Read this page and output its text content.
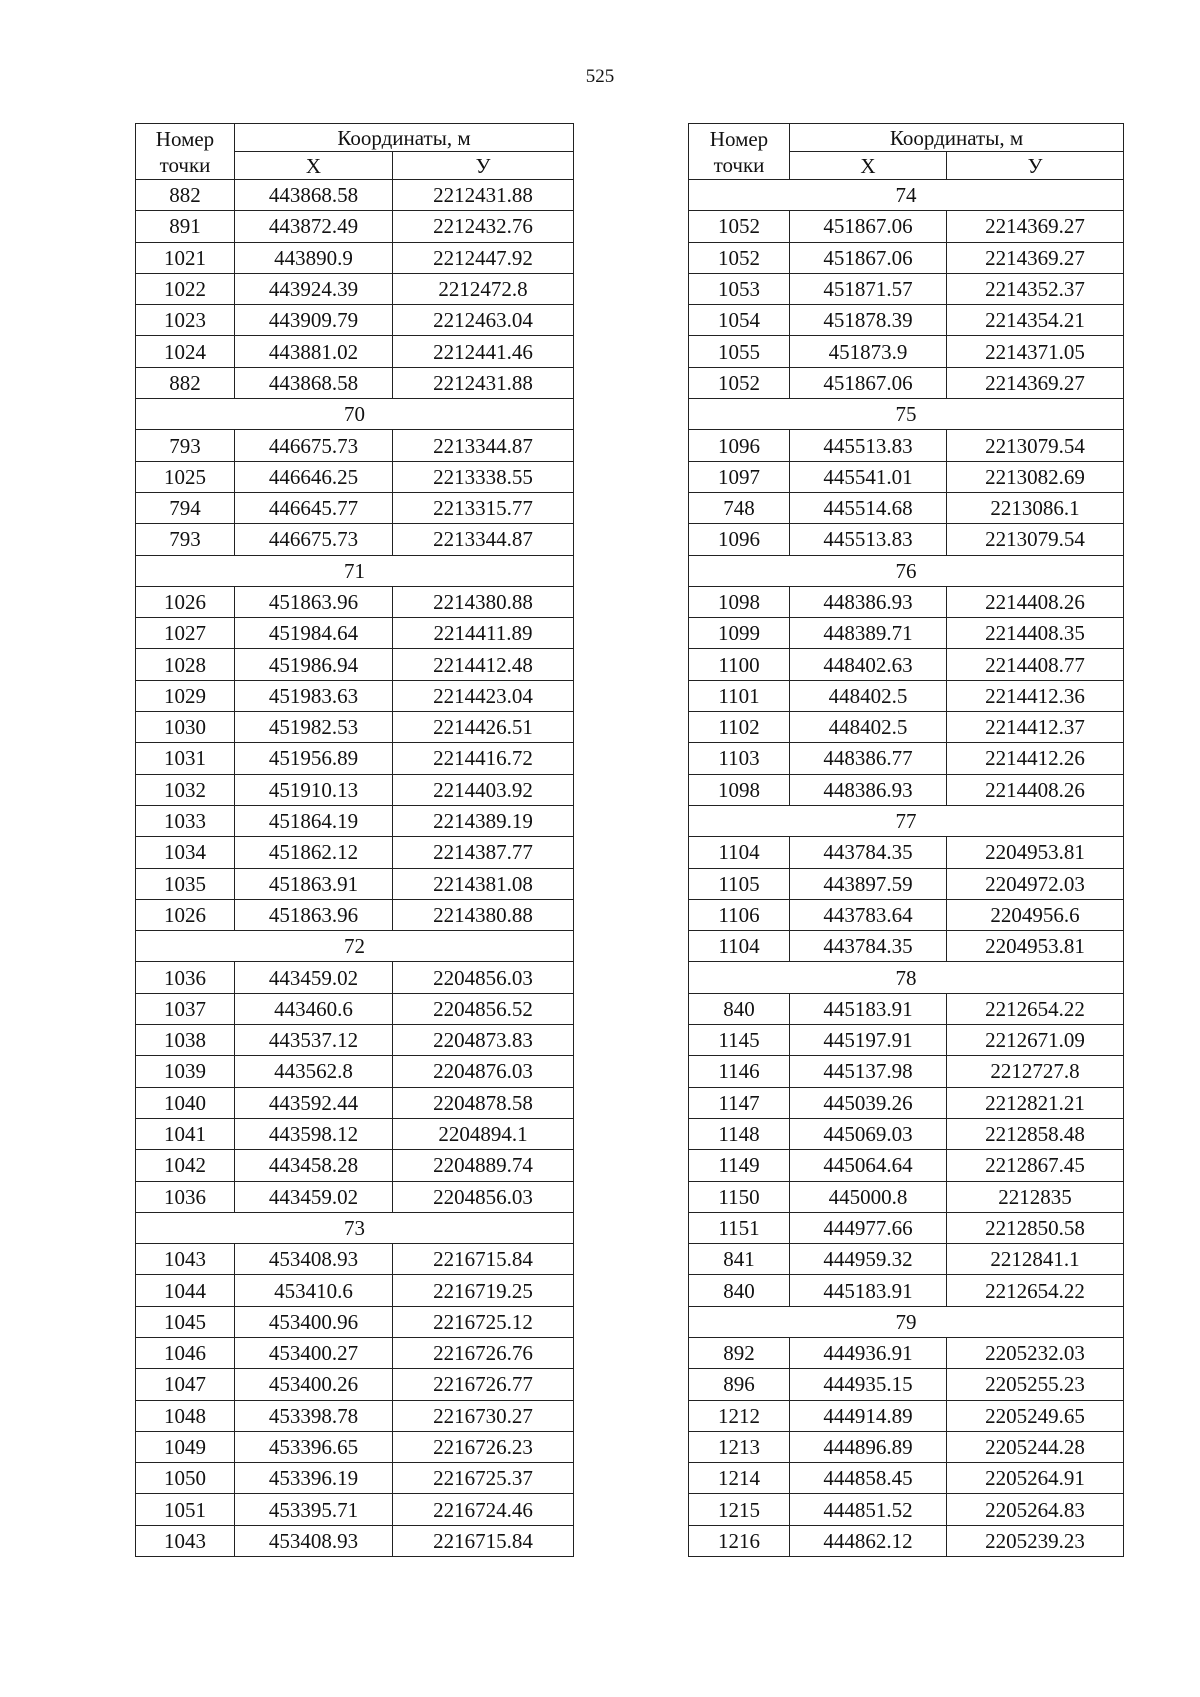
525
Номер
точки	Координаты, м	
	X	У
882	443868.58	2212431.88
891	443872.49	2212432.76
1021	443890.9	2212447.92
1022	443924.39	2212472.8
1023	443909.79	2212463.04
1024	443881.02	2212441.46
882	443868.58	2212431.88
70		
793	446675.73	2213344.87
1025	446646.25	2213338.55
794	446645.77	2213315.77
793	446675.73	2213344.87
71		
1026	451863.96	2214380.88
1027	451984.64	2214411.89
1028	451986.94	2214412.48
1029	451983.63	2214423.04
1030	451982.53	2214426.51
1031	451956.89	2214416.72
1032	451910.13	2214403.92
1033	451864.19	2214389.19
1034	451862.12	2214387.77
1035	451863.91	2214381.08
1026	451863.96	2214380.88
72		
1036	443459.02	2204856.03
1037	443460.6	2204856.52
1038	443537.12	2204873.83
1039	443562.8	2204876.03
1040	443592.44	2204878.58
1041	443598.12	2204894.1
1042	443458.28	2204889.74
1036	443459.02	2204856.03
73		
1043	453408.93	2216715.84
1044	453410.6	2216719.25
1045	453400.96	2216725.12
1046	453400.27	2216726.76
1047	453400.26	2216726.77
1048	453398.78	2216730.27
1049	453396.65	2216726.23
1050	453396.19	2216725.37
1051	453395.71	2216724.46
1043	453408.93	2216715.84
Номер
точки	Координаты, м	
	X	У
74		
1052	451867.06	2214369.27
1052	451867.06	2214369.27
1053	451871.57	2214352.37
1054	451878.39	2214354.21
1055	451873.9	2214371.05
1052	451867.06	2214369.27
75		
1096	445513.83	2213079.54
1097	445541.01	2213082.69
748	445514.68	2213086.1
1096	445513.83	2213079.54
76		
1098	448386.93	2214408.26
1099	448389.71	2214408.35
1100	448402.63	2214408.77
1101	448402.5	2214412.36
1102	448402.5	2214412.37
1103	448386.77	2214412.26
1098	448386.93	2214408.26
77		
1104	443784.35	2204953.81
1105	443897.59	2204972.03
1106	443783.64	2204956.6
1104	443784.35	2204953.81
78		
840	445183.91	2212654.22
1145	445197.91	2212671.09
1146	445137.98	2212727.8
1147	445039.26	2212821.21
1148	445069.03	2212858.48
1149	445064.64	2212867.45
1150	445000.8	2212835
1151	444977.66	2212850.58
841	444959.32	2212841.1
840	445183.91	2212654.22
79		
892	444936.91	2205232.03
896	444935.15	2205255.23
1212	444914.89	2205249.65
1213	444896.89	2205244.28
1214	444858.45	2205264.91
1215	444851.52	2205264.83
1216	444862.12	2205239.23
